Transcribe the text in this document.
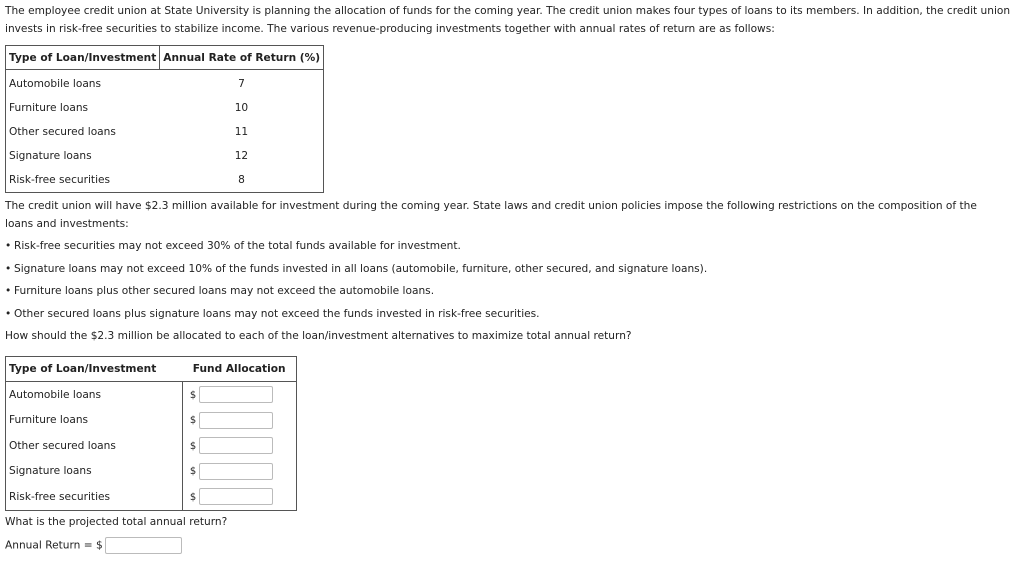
The employee credit union at State University is planning the allocation of funds for the coming year. The credit union makes four types of loans to its members. In addition, the credit union invests in risk-free securities to stabilize income. The various revenue-producing investments together with annual rates of return are as follows:

Type of Loan/Investment	Annual Rate of Return (%)
Automobile loans	7
Furniture loans	10
Other secured loans	11
Signature loans	12
Risk-free securities	8

The credit union will have $2.3 million available for investment during the coming year. State laws and credit union policies impose the following restrictions on the composition of the loans and investments:

• Risk-free securities may not exceed 30% of the total funds available for investment.
• Signature loans may not exceed 10% of the funds invested in all loans (automobile, furniture, other secured, and signature loans).
• Furniture loans plus other secured loans may not exceed the automobile loans.
• Other secured loans plus signature loans may not exceed the funds invested in risk-free securities.
How should the $2.3 million be allocated to each of the loan/investment alternatives to maximize total annual return?
Type of Loan/Investment	Fund Allocation
Automobile loans	$
Furniture loans	$
Other secured loans	$
Signature loans	$
Risk-free securities	$
What is the projected total annual return?
Annual Return = $
